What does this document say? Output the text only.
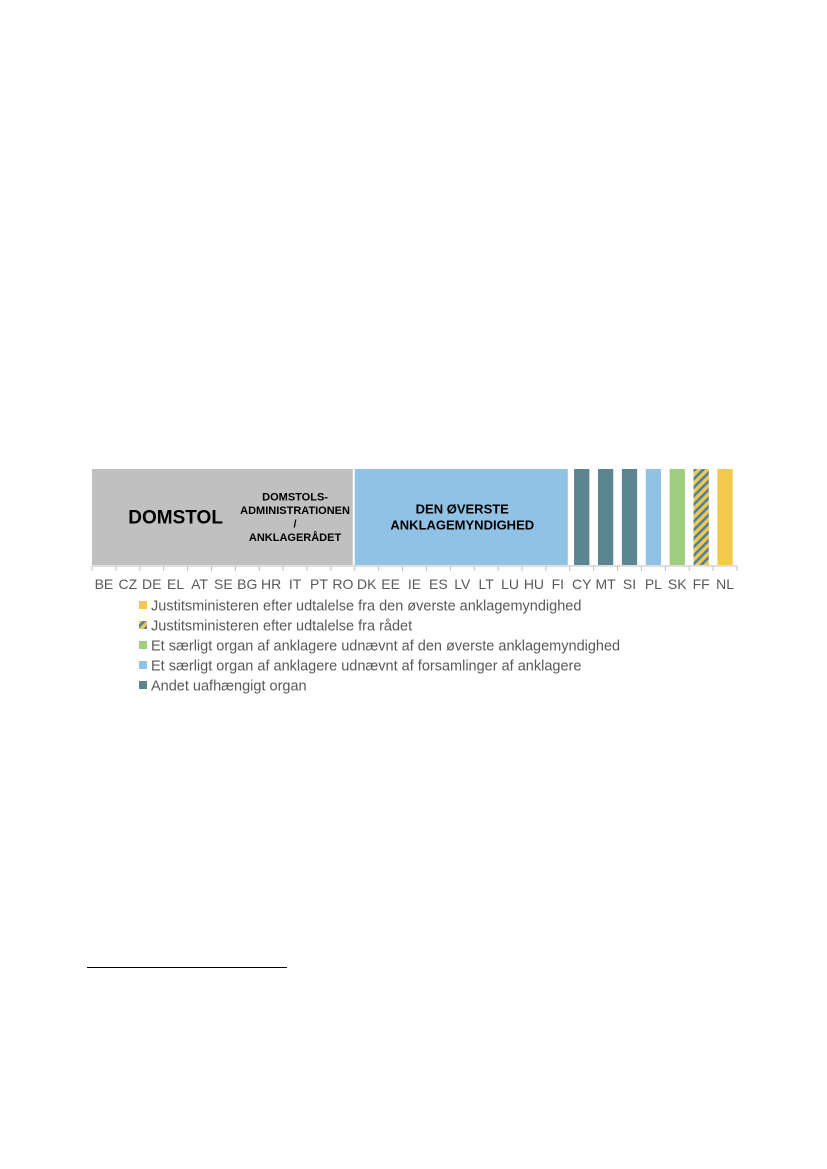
DOMSTOL
DOMSTOLS-ADMINISTRATIONEN / ANKLAGERÅDET
DEN ØVERSTE ANKLAGEMYNDIGHED
BE CZ DE EL AT SE BG HR IT PT RO DK EE IE ES LV LT LU HU FI CY MT SI PL SK FF NL
Justitsministeren efter udtalelse fra den øverste anklagemyndighed
Justitsministeren efter udtalelse fra rådet
Et særligt organ af anklagere udnævnt af den øverste anklagemyndighed
Et særligt organ af anklagere udnævnt af forsamlinger af anklagere
Andet uafhængigt organ
